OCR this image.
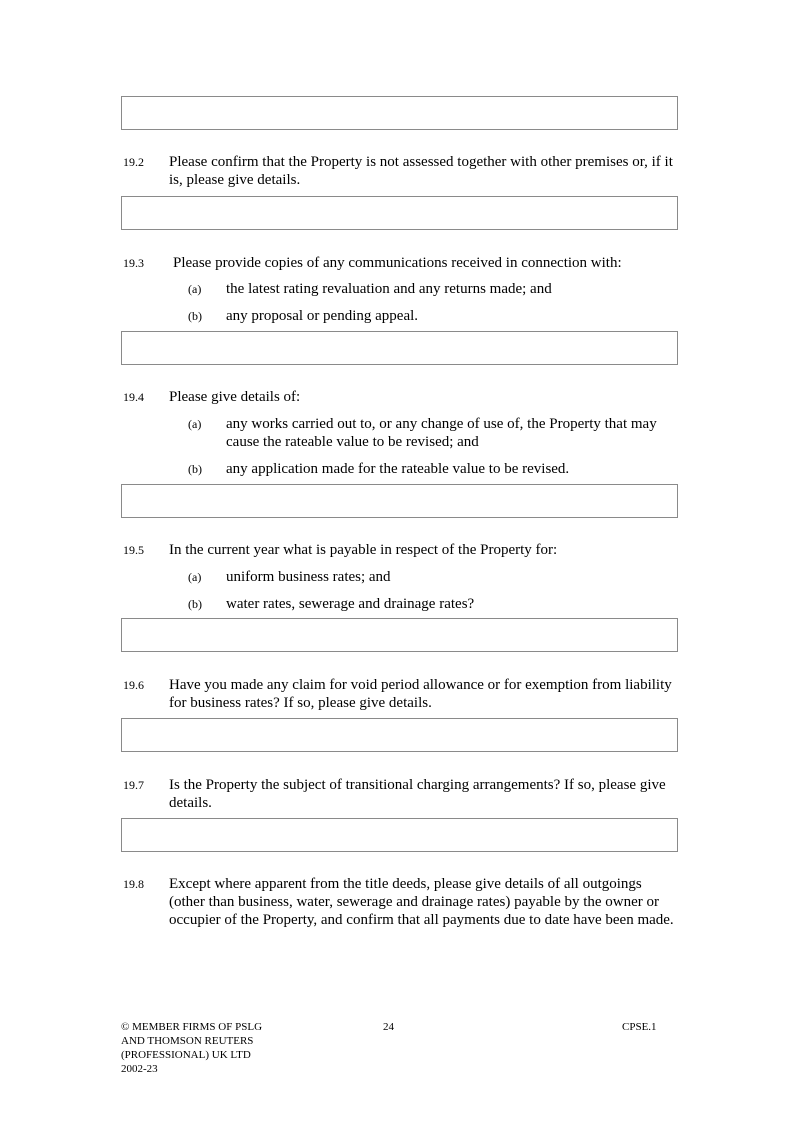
19.2 Please confirm that the Property is not assessed together with other premises or, if it is, please give details.
19.3 Please provide copies of any communications received in connection with:
(a) the latest rating revaluation and any returns made; and
(b) any proposal or pending appeal.
19.4 Please give details of:
(a) any works carried out to, or any change of use of, the Property that may cause the rateable value to be revised; and
(b) any application made for the rateable value to be revised.
19.5 In the current year what is payable in respect of the Property for:
(a) uniform business rates; and
(b) water rates, sewerage and drainage rates?
19.6 Have you made any claim for void period allowance or for exemption from liability for business rates? If so, please give details.
19.7 Is the Property the subject of transitional charging arrangements? If so, please give details.
19.8 Except where apparent from the title deeds, please give details of all outgoings (other than business, water, sewerage and drainage rates) payable by the owner or occupier of the Property, and confirm that all payments due to date have been made.
© MEMBER FIRMS OF PSLG
AND THOMSON REUTERS
(PROFESSIONAL) UK LTD
2002-23
24	CPSE.1
